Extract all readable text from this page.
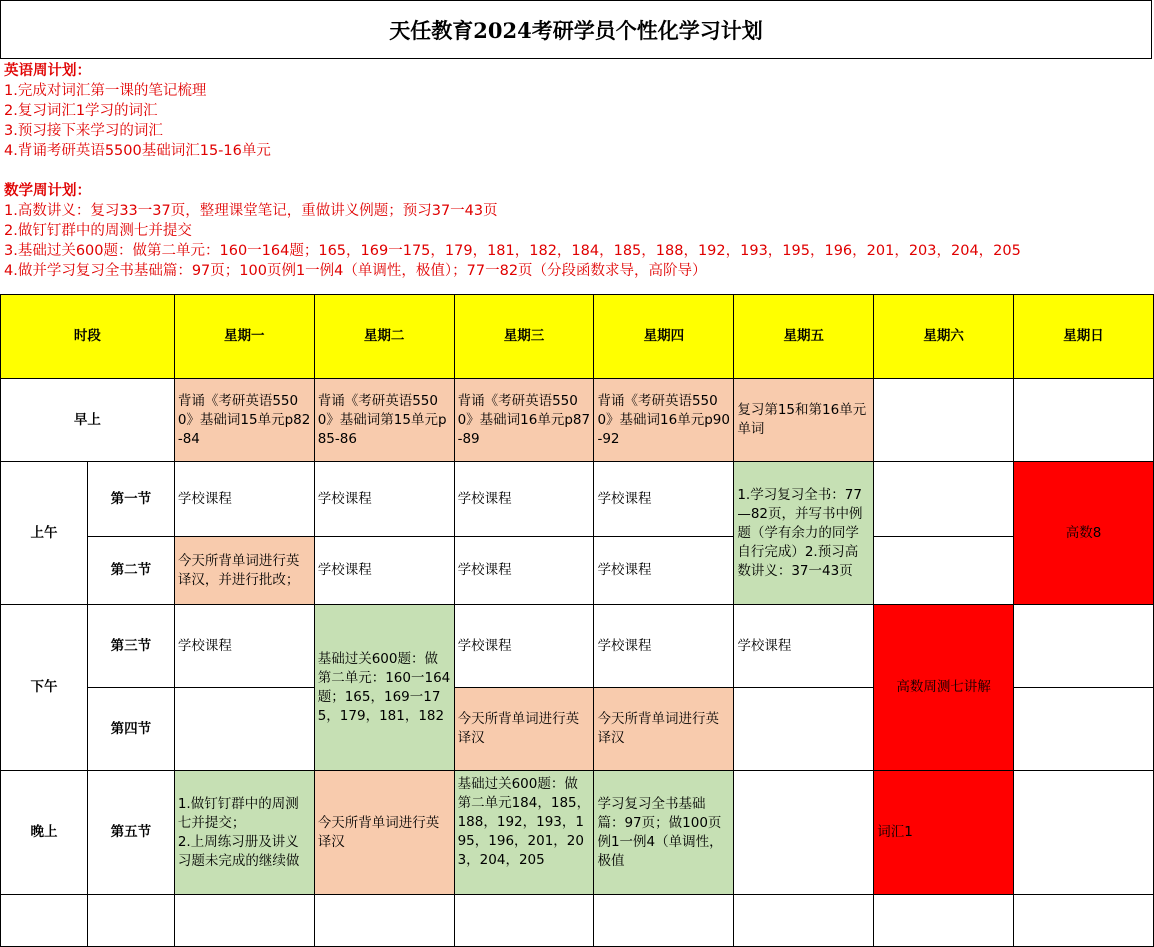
天任教育2024考研学员个性化学习计划
英语周计划：
1.完成对词汇第一课的笔记梳理
2.复习词汇1学习的词汇
3.预习接下来学习的词汇
4.背诵考研英语5500基础词汇15-16单元
数学周计划：
1.高数讲义：复习33一37页，整理课堂笔记，重做讲义例题；预习37一43页
2.做钉钉群中的周测七并提交
3.基础过关600题：做第二单元：160一164题；165，169一175，179，181，182，184，185，188，192，193，195，196，201，203，204，205
4.做并学习复习全书基础篇：97页；100页例1一例4（单调性，极值）；77一82页（分段函数求导，高阶导）
时段		星期一	星期二	星期三	星期四	星期五	星期六	星期日
早上		背诵《考研英语5500》基础词15单元p82-84	背诵《考研英语5500》基础词第15单元p85-86	背诵《考研英语5500》基础词16单元p87-89	背诵《考研英语5500》基础词16单元p90-92	复习第15和第16单元单词		
上午	第一节	学校课程	学校课程	学校课程	学校课程	1.学习复习全书：77—82页，并写书中例题（学有余力的同学自行完成）2.预习高数讲义：37一43页		高数8
	第二节	今天所背单词进行英译汉，并进行批改；	学校课程	学校课程	学校课程			
下午	第三节	学校课程	基础过关600题：做第二单元：160一164题；165，169一175，179，181，182	学校课程	学校课程	学校课程	高数周测七讲解	
	第四节			今天所背单词进行英译汉	今天所背单词进行英译汉			
晚上	第五节	1.做钉钉群中的周测七并提交；
2.上周练习册及讲义习题未完成的继续做	今天所背单词进行英译汉	基础过关600题：做第二单元184，185，188，192，193，195，196，201，203，204，205	学习复习全书基础篇：97页；做100页例1一例4（单调性，极值		词汇1	
